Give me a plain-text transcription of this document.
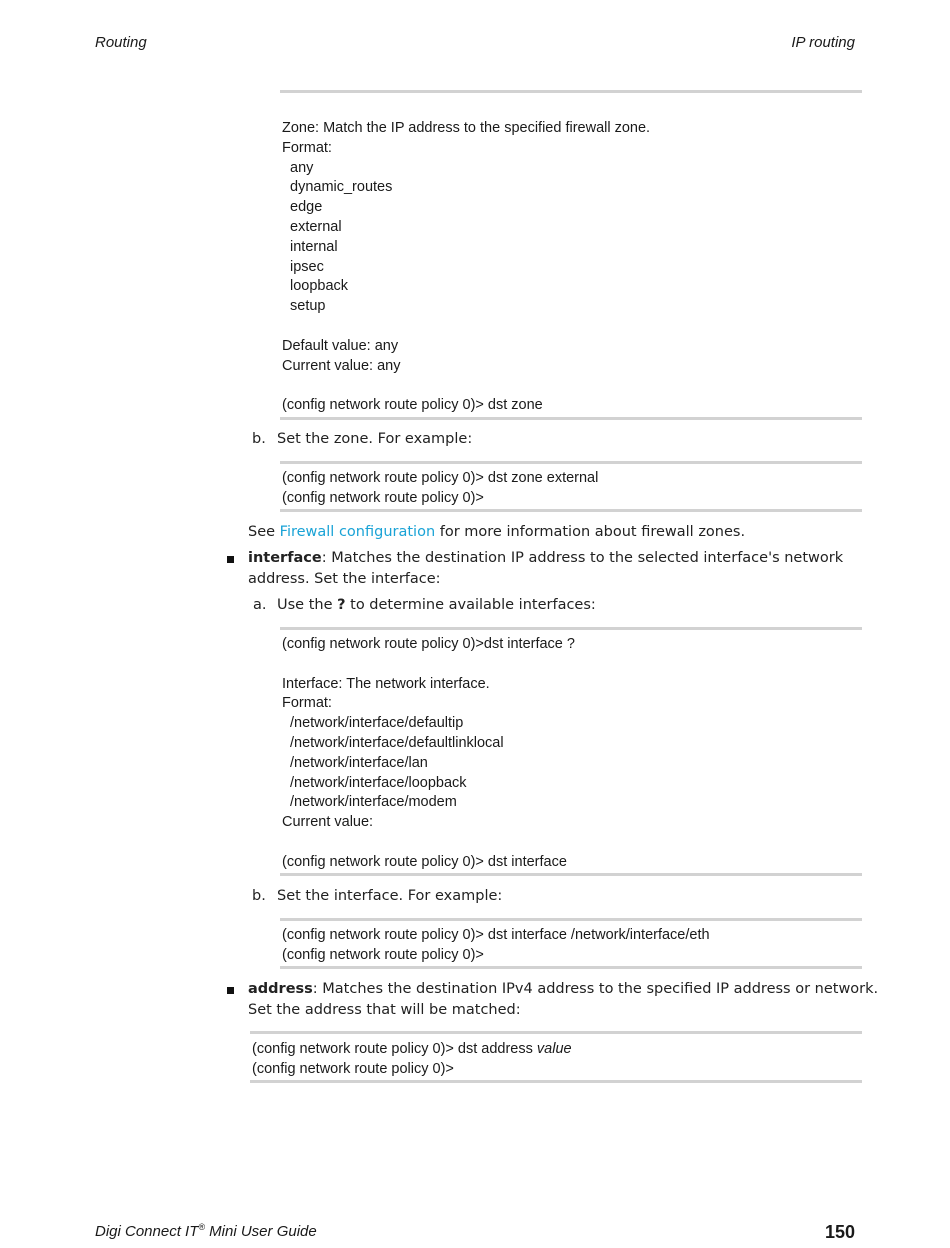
Routing	IP routing
Zone: Match the IP address to the specified firewall zone.
Format:
any
dynamic_routes
edge
external
internal
ipsec
loopback
setup
Default value: any
Current value: any
(config network route policy 0)> dst zone
b. Set the zone. For example:
(config network route policy 0)> dst zone external
(config network route policy 0)>
See Firewall configuration for more information about firewall zones.
interface: Matches the destination IP address to the selected interface's network
address. Set the interface:
a. Use the ? to determine available interfaces:
(config network route policy 0)>dst interface ?
Interface: The network interface.
Format:
/network/interface/defaultip
/network/interface/defaultlinklocal
/network/interface/lan
/network/interface/loopback
/network/interface/modem
Current value:
(config network route policy 0)> dst interface
b. Set the interface. For example:
(config network route policy 0)> dst interface /network/interface/eth
(config network route policy 0)>
address: Matches the destination IPv4 address to the specified IP address or network.
Set the address that will be matched:
(config network route policy 0)> dst address value
(config network route policy 0)>
Digi Connect IT® Mini User Guide	150
